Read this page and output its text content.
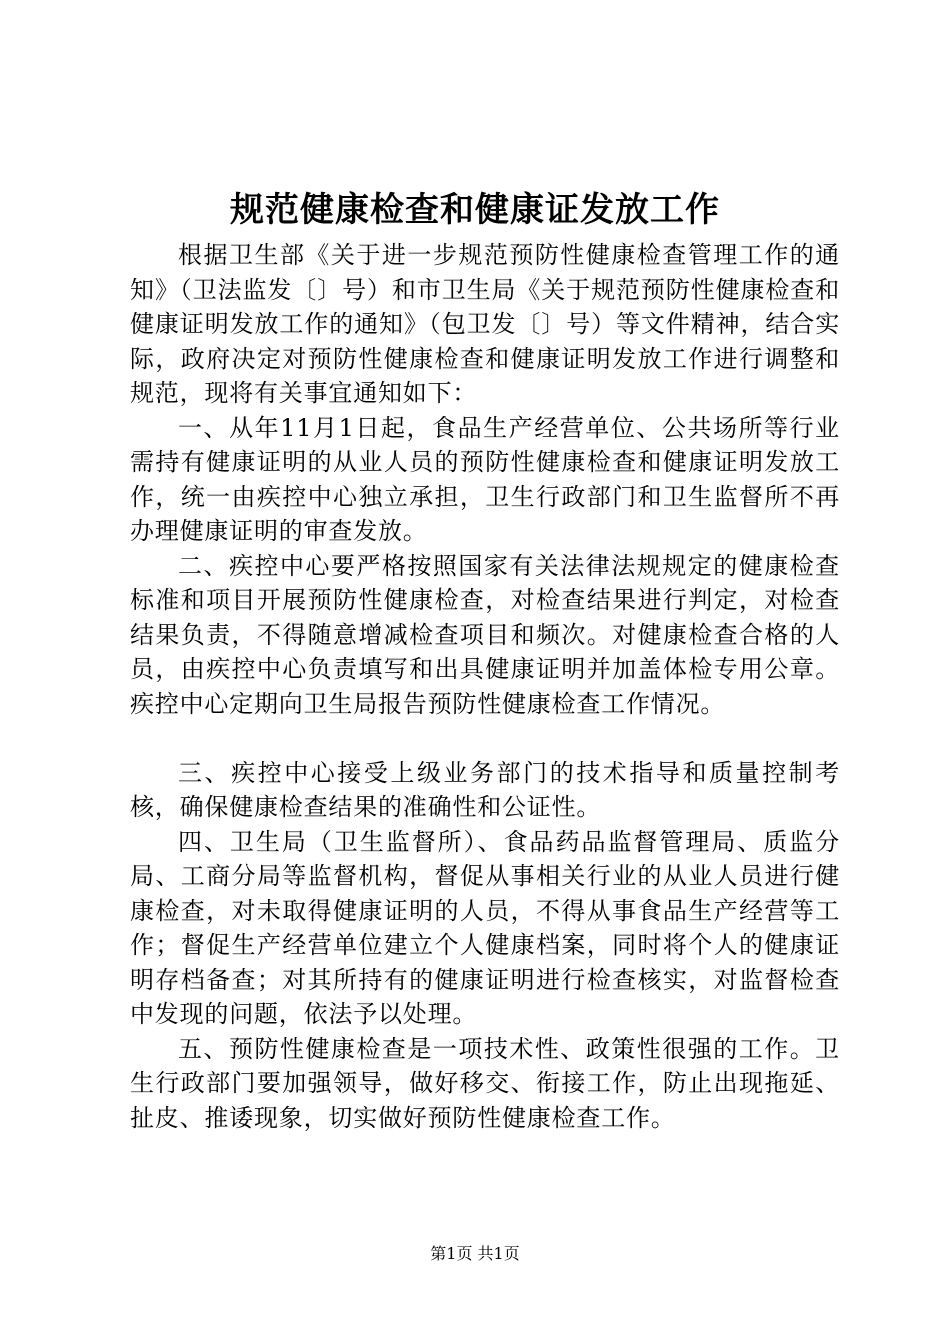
规范健康检查和健康证发放工作

根据卫生部《关于进一步规范预防性健康检查管理工作的通知》（卫法监发〔〕号）和市卫生局《关于规范预防性健康检查和健康证明发放工作的通知》（包卫发〔〕号）等文件精神，结合实际，政府决定对预防性健康检查和健康证明发放工作进行调整和规范，现将有关事宜通知如下：

一、从年11月1日起，食品生产经营单位、公共场所等行业需持有健康证明的从业人员的预防性健康检查和健康证明发放工作，统一由疾控中心独立承担，卫生行政部门和卫生监督所不再办理健康证明的审查发放。

二、疾控中心要严格按照国家有关法律法规规定的健康检查标准和项目开展预防性健康检查，对检查结果进行判定，对检查结果负责，不得随意增减检查项目和频次。对健康检查合格的人员，由疾控中心负责填写和出具健康证明并加盖体检专用公章。疾控中心定期向卫生局报告预防性健康检查工作情况。

三、疾控中心接受上级业务部门的技术指导和质量控制考核，确保健康检查结果的准确性和公证性。

四、卫生局（卫生监督所）、食品药品监督管理局、质监分局、工商分局等监督机构，督促从事相关行业的从业人员进行健康检查，对未取得健康证明的人员，不得从事食品生产经营等工作；督促生产经营单位建立个人健康档案，同时将个人的健康证明存档备查；对其所持有的健康证明进行检查核实，对监督检查中发现的问题，依法予以处理。

五、预防性健康检查是一项技术性、政策性很强的工作。卫生行政部门要加强领导，做好移交、衔接工作，防止出现拖延、扯皮、推诿现象，切实做好预防性健康检查工作。

第1页 共1页
